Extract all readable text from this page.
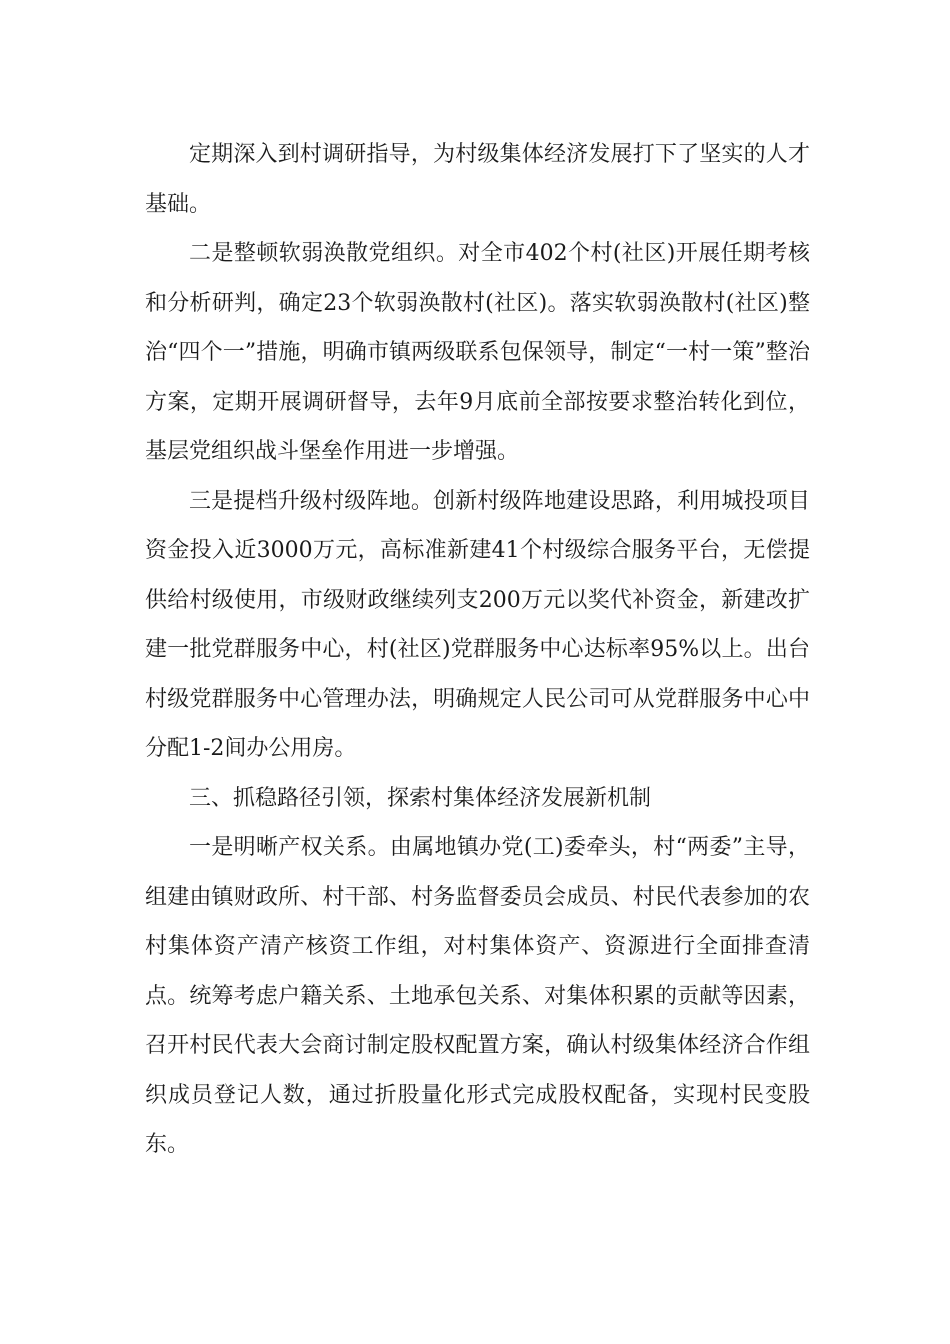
定期深入到村调研指导，为村级集体经济发展打下了坚实的人才基础。

二是整顿软弱涣散党组织。对全市402个村(社区)开展任期考核和分析研判，确定23个软弱涣散村(社区)。落实软弱涣散村(社区)整治“四个一”措施，明确市镇两级联系包保领导，制定“一村一策”整治方案，定期开展调研督导，去年9月底前全部按要求整治转化到位，基层党组织战斗堡垒作用进一步增强。

三是提档升级村级阵地。创新村级阵地建设思路，利用城投项目资金投入近3000万元，高标准新建41个村级综合服务平台，无偿提供给村级使用，市级财政继续列支200万元以奖代补资金，新建改扩建一批党群服务中心，村(社区)党群服务中心达标率95%以上。出台村级党群服务中心管理办法，明确规定人民公司可从党群服务中心中分配1-2间办公用房。

三、抓稳路径引领，探索村集体经济发展新机制

一是明晰产权关系。由属地镇办党(工)委牵头，村“两委”主导，组建由镇财政所、村干部、村务监督委员会成员、村民代表参加的农村集体资产清产核资工作组，对村集体资产、资源进行全面排查清点。统筹考虑户籍关系、土地承包关系、对集体积累的贡献等因素，召开村民代表大会商讨制定股权配置方案，确认村级集体经济合作组织成员登记人数，通过折股量化形式完成股权配备，实现村民变股东。
